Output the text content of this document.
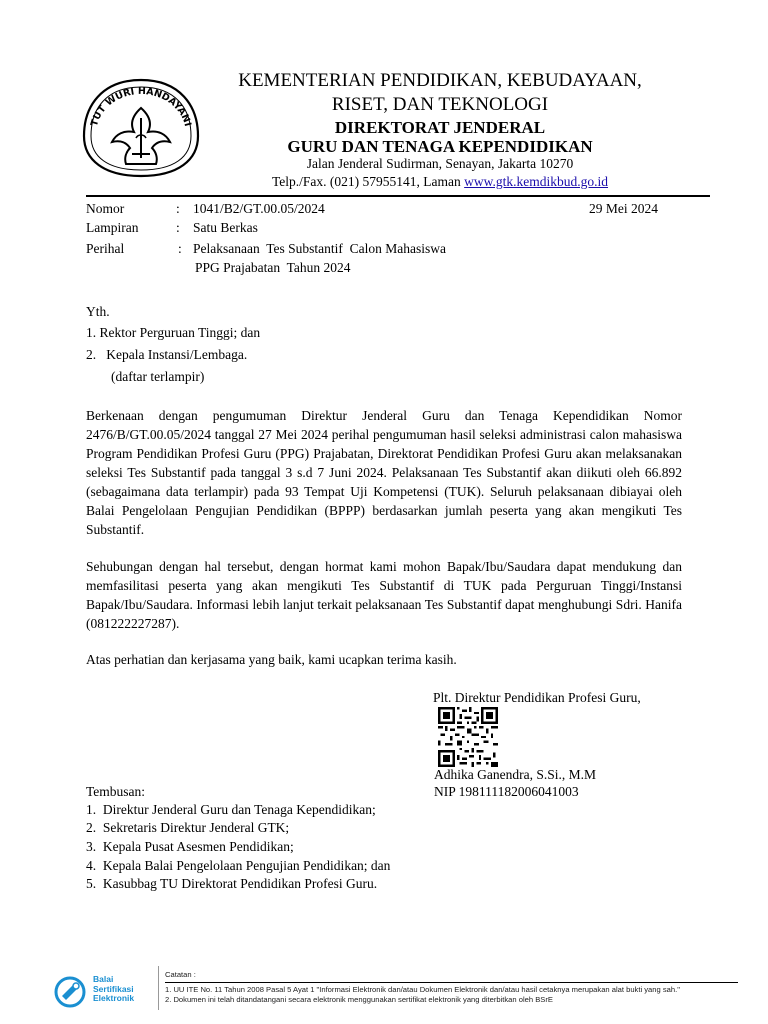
TUT WURI HANDAYANI
KEMENTERIAN PENDIDIKAN, KEBUDAYAAN,
RISET, DAN TEKNOLOGI
DIREKTORAT JENDERAL
GURU DAN TENAGA KEPENDIDIKAN
Jalan Jenderal Sudirman, Senayan, Jakarta 10270
Telp./Fax. (021) 57955141, Laman www.gtk.kemdikbud.go.id
Nomor	: 1041/B2/GT.00.05/2024	29 Mei 2024
Lampiran	: Satu Berkas
Perihal	: Pelaksanaan  Tes Substantif  Calon Mahasiswa
PPG Prajabatan  Tahun 2024
Yth.
1. Rektor Perguruan Tinggi; dan
2.   Kepala Instansi/Lembaga.
(daftar terlampir)
Berkenaan dengan pengumuman Direktur Jenderal Guru dan Tenaga Kependidikan Nomor 2476/B/GT.00.05/2024 tanggal 27 Mei 2024 perihal pengumuman hasil seleksi administrasi calon mahasiswa Program Pendidikan Profesi Guru (PPG) Prajabatan, Direktorat Pendidikan Profesi Guru akan melaksanakan seleksi Tes Substantif pada tanggal 3 s.d 7 Juni 2024. Pelaksanaan Tes Substantif akan diikuti oleh 66.892 (sebagaimana data terlampir) pada 93 Tempat Uji Kompetensi (TUK). Seluruh pelaksanaan dibiayai oleh Balai Pengelolaan Pengujian Pendidikan (BPPP) berdasarkan jumlah peserta yang akan mengikuti Tes Substantif.
Sehubungan dengan hal tersebut, dengan hormat kami mohon Bapak/Ibu/Saudara dapat mendukung dan memfasilitasi peserta yang akan mengikuti Tes Substantif di TUK pada Perguruan Tinggi/Instansi Bapak/Ibu/Saudara. Informasi lebih lanjut terkait pelaksanaan Tes Substantif dapat menghubungi Sdri. Hanifa (081222227287).
Atas perhatian dan kerjasama yang baik, kami ucapkan terima kasih.
Plt. Direktur Pendidikan Profesi Guru,
Adhika Ganendra, S.Si., M.M
NIP 198111182006041003
Tembusan:
1.  Direktur Jenderal Guru dan Tenaga Kependidikan;
2.  Sekretaris Direktur Jenderal GTK;
3.  Kepala Pusat Asesmen Pendidikan;
4.  Kepala Balai Pengelolaan Pengujian Pendidikan; dan
5.  Kasubbag TU Direktorat Pendidikan Profesi Guru.
Balai
Sertifikasi
Elektronik
Catatan :
1. UU ITE No. 11 Tahun 2008 Pasal 5 Ayat 1 "Informasi Elektronik dan/atau Dokumen Elektronik dan/atau hasil cetaknya merupakan alat bukti yang sah."
2. Dokumen ini telah ditandatangani secara elektronik menggunakan sertifikat elektronik yang diterbitkan oleh BSrE
